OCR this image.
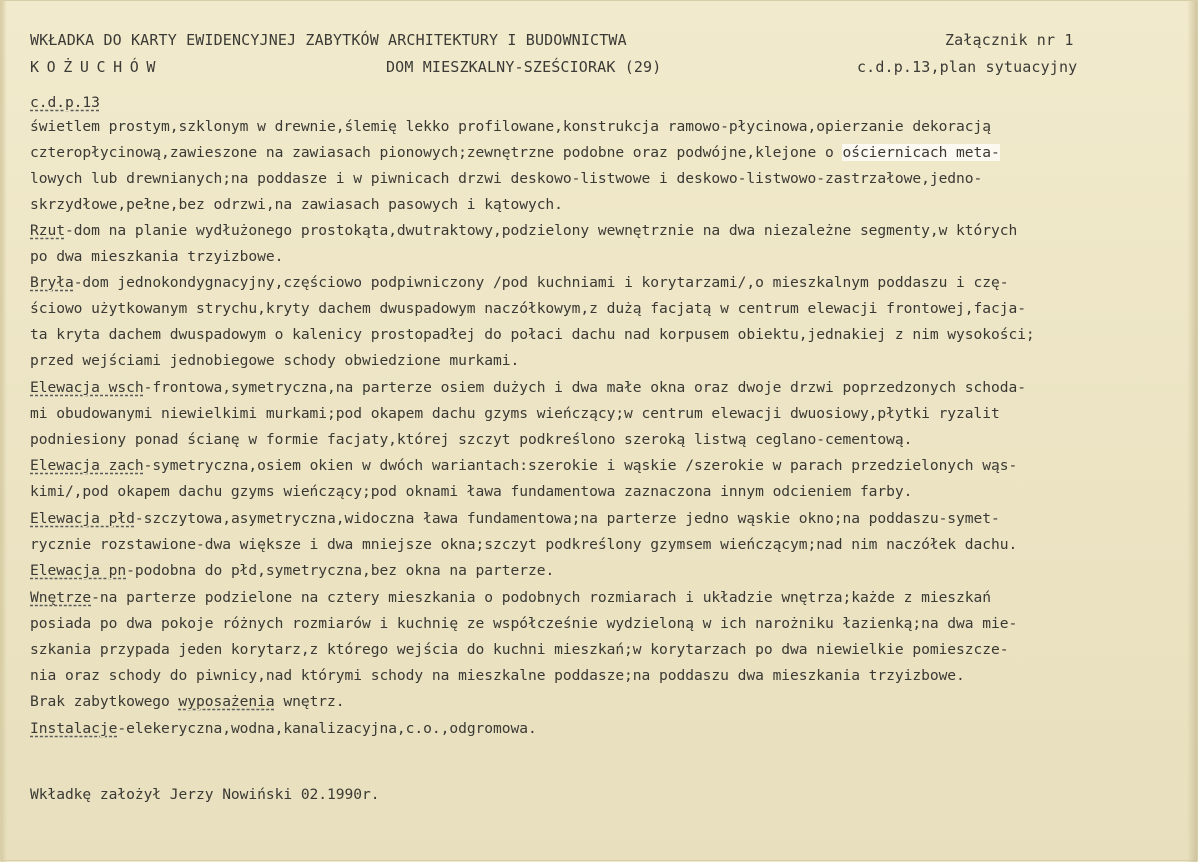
WKŁADKA DO KARTY EWIDENCYJNEJ ZABYTKÓW ARCHITEKTURY I BUDOWNICTWA	Załącznik nr 1
KOŻUCHÓW	DOM MIESZKALNY-SZEŚCIORAK (29)	c.d.p.13,plan sytuacyjny
c.d.p.13
świetlem prostym,szklonym w drewnie,ślemię lekko profilowane,konstrukcja ramowo-płycinowa,opierzanie dekoracją
czteropłycinową,zawieszone na zawiasach pionowych;zewnętrzne podobne oraz podwójne,klejone o ościernicach meta-
lowych lub drewnianych;na poddasze i w piwnicach drzwi deskowo-listwowe i deskowo-listwowo-zastrzałowe,jedno-
skrzydłowe,pełne,bez odrzwi,na zawiasach pasowych i kątowych.
Rzut-dom na planie wydłużonego prostokąta,dwutraktowy,podzielony wewnętrznie na dwa niezależne segmenty,w których
po dwa mieszkania trzyizbowe.
Bryła-dom jednokondygnacyjny,częściowo podpiwniczony /pod kuchniami i korytarzami/,o mieszkalnym poddaszu i czę-
ściowo użytkowanym strychu,kryty dachem dwuspadowym naczółkowym,z dużą facjatą w centrum elewacji frontowej,facja-
ta kryta dachem dwuspadowym o kalenicy prostopadłej do połaci dachu nad korpusem obiektu,jednakiej z nim wysokości;
przed wejściami jednobiegowe schody obwiedzione murkami.
Elewacja wsch-frontowa,symetryczna,na parterze osiem dużych i dwa małe okna oraz dwoje drzwi poprzedzonych schoda-
mi obudowanymi niewielkimi murkami;pod okapem dachu gzyms wieńczący;w centrum elewacji dwuosiowy,płytki ryzalit
podniesiony ponad ścianę w formie facjaty,której szczyt podkreślono szeroką listwą ceglano-cementową.
Elewacja zach-symetryczna,osiem okien w dwóch wariantach:szerokie i wąskie /szerokie w parach przedzielonych wąs-
kimi/,pod okapem dachu gzyms wieńczący;pod oknami ława fundamentowa zaznaczona innym odcieniem farby.
Elewacja płd-szczytowa,asymetryczna,widoczna ława fundamentowa;na parterze jedno wąskie okno;na poddaszu-symet-
rycznie rozstawione-dwa większe i dwa mniejsze okna;szczyt podkreślony gzymsem wieńczącym;nad nim naczółek dachu.
Elewacja pn-podobna do płd,symetryczna,bez okna na parterze.
Wnętrze-na parterze podzielone na cztery mieszkania o podobnych rozmiarach i układzie wnętrza;każde z mieszkań
posiada po dwa pokoje różnych rozmiarów i kuchnię ze współcześnie wydzieloną w ich narożniku łazienką;na dwa mie-
szkania przypada jeden korytarz,z którego wejścia do kuchni mieszkań;w korytarzach po dwa niewielkie pomieszcze-
nia oraz schody do piwnicy,nad którymi schody na mieszkalne poddasze;na poddaszu dwa mieszkania trzyizbowe.
Brak zabytkowego wyposażenia wnętrz.
Instalacje-elekeryczna,wodna,kanalizacyjna,c.o.,odgromowa.
Wkładkę założył Jerzy Nowiński 02.1990r.
